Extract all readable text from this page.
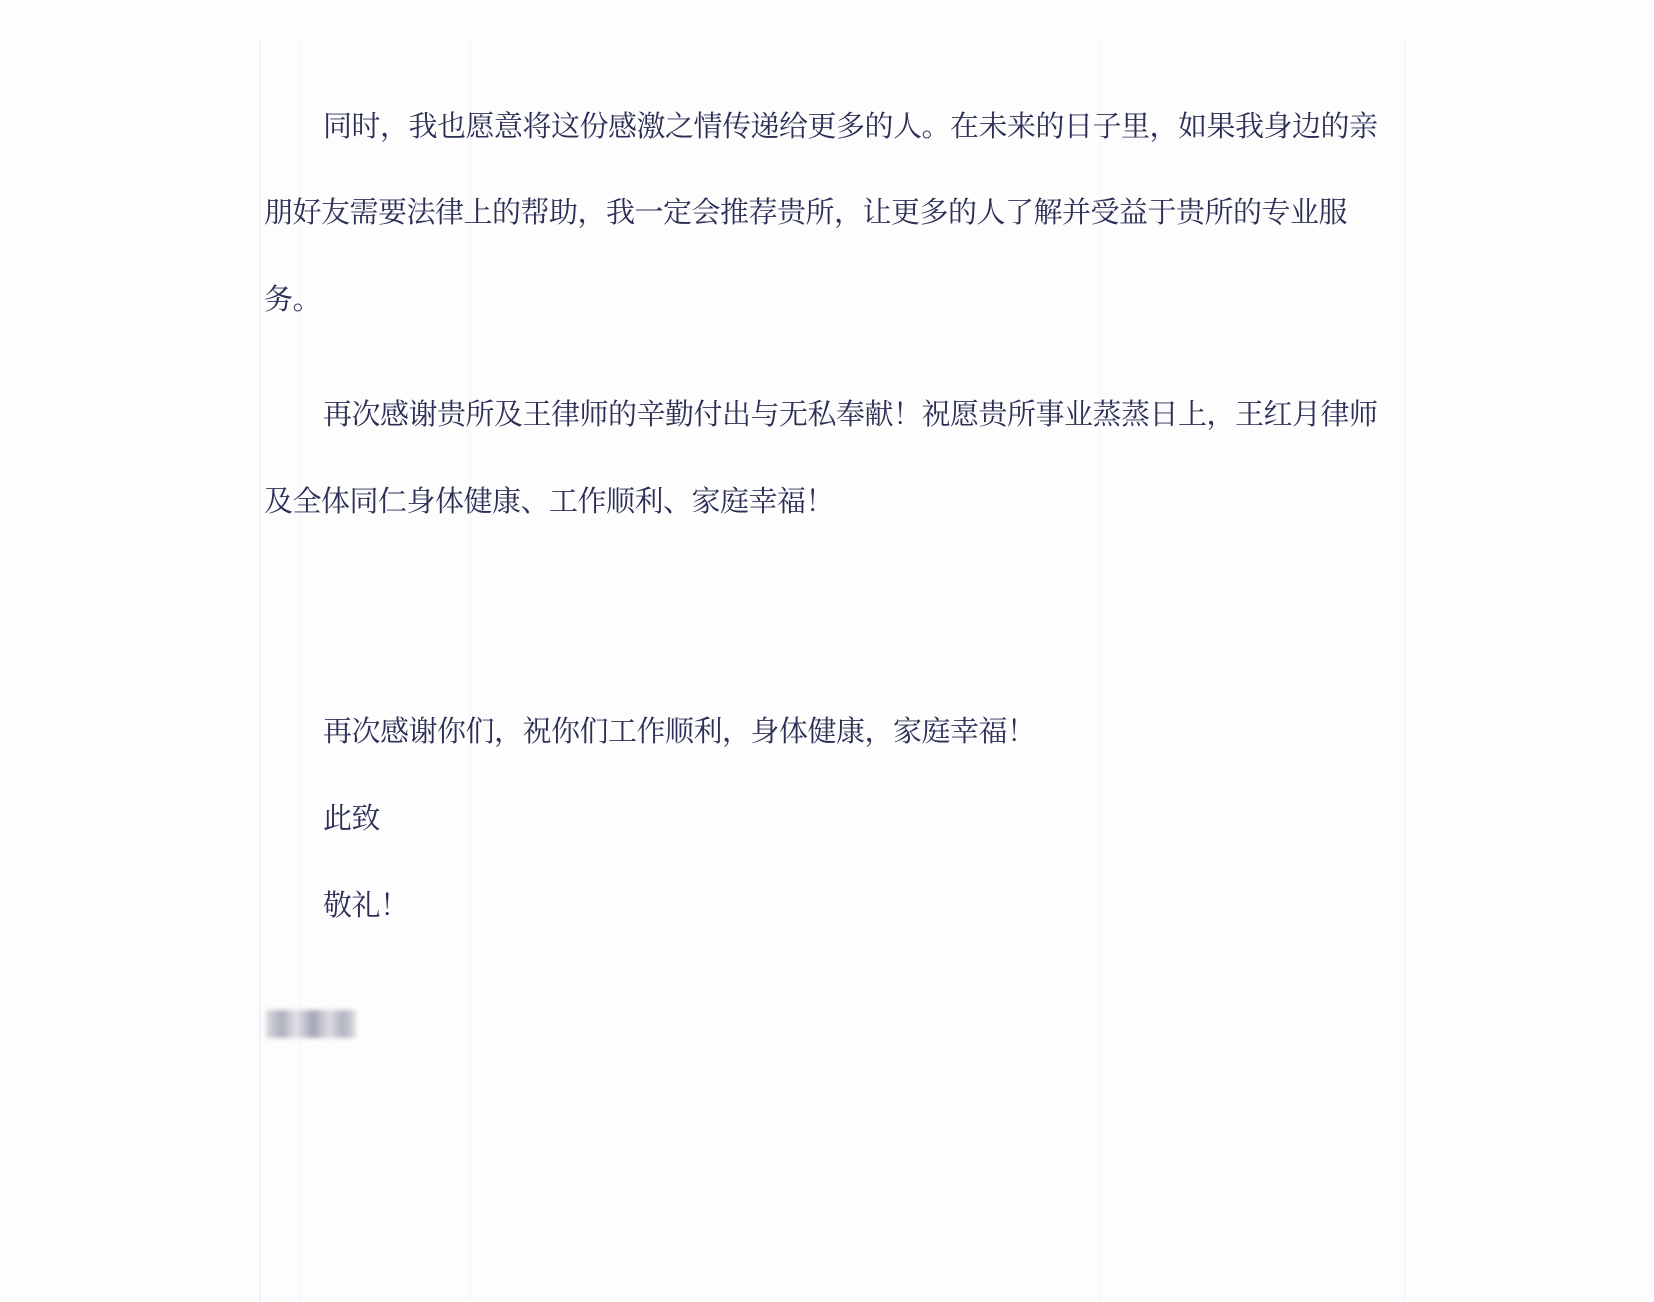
同时，我也愿意将这份感激之情传递给更多的人。在未来的日子里，如果我身边的亲

朋好友需要法律上的帮助，我一定会推荐贵所，让更多的人了解并受益于贵所的专业服

务。

再次感谢贵所及王律师的辛勤付出与无私奉献！祝愿贵所事业蒸蒸日上，王红月律师

及全体同仁身体健康、工作顺利、家庭幸福！

再次感谢你们，祝你们工作顺利，身体健康，家庭幸福！

此致

敬礼！
